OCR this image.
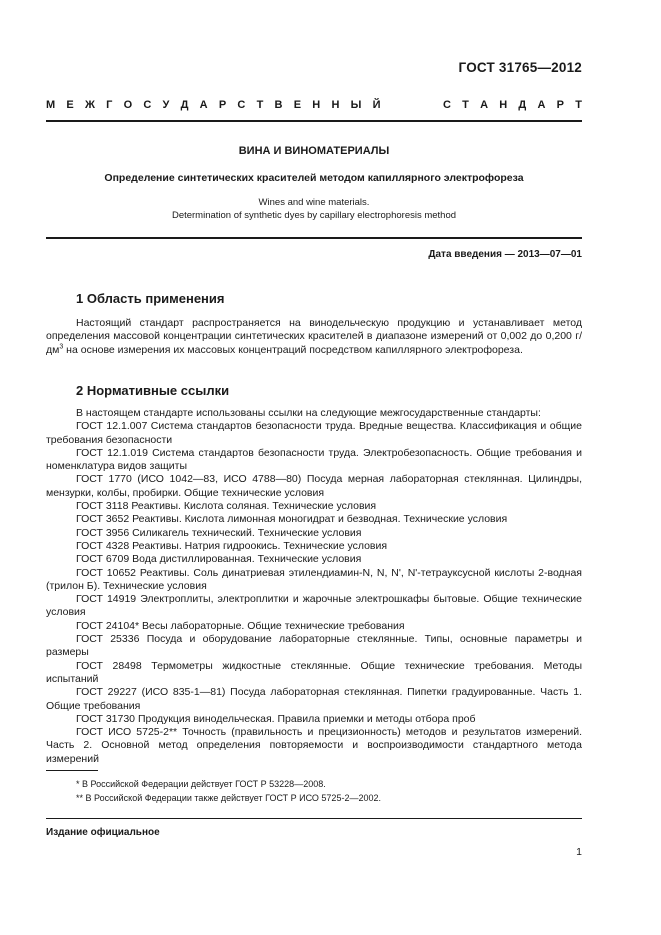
ГОСТ 31765—2012
М Е Ж Г О С У Д А Р С Т В Е Н Н Ы Й	С Т А Н Д А Р Т
ВИНА И ВИНОМАТЕРИАЛЫ
Определение синтетических красителей методом капиллярного электрофореза
Wines and wine materials.
Determination of synthetic dyes by capillary electrophoresis method
Дата введения — 2013—07—01
1 Область применения

Настоящий стандарт распространяется на винодельческую продукцию и устанавливает метод определения массовой концентрации синтетических красителей в диапазоне измерений от 0,002 до 0,200 $г/дм^3$ на основе измерения их массовых концентраций посредством капиллярного электрофореза.

2 Нормативные ссылки

В настоящем стандарте использованы ссылки на следующие межгосударственные стандарты:

ГОСТ 12.1.007 Система стандартов безопасности труда. Вредные вещества. Классификация и общие требования безопасности

ГОСТ 12.1.019 Система стандартов безопасности труда. Электробезопасность. Общие требования и номенклатура видов защиты

ГОСТ 1770 (ИСО 1042—83, ИСО 4788—80) Посуда мерная лабораторная стеклянная. Цилиндры, мензурки, колбы, пробирки. Общие технические условия

ГОСТ 3118 Реактивы. Кислота соляная. Технические условия

ГОСТ 3652 Реактивы. Кислота лимонная моногидрат и безводная. Технические условия

ГОСТ 3956 Силикагель технический. Технические условия

ГОСТ 4328 Реактивы. Натрия гидроокись. Технические условия

ГОСТ 6709 Вода дистиллированная. Технические условия

ГОСТ 10652 Реактивы. Соль динатриевая этилендиамин-N, N, N', N'-тетрауксусной кислоты 2-водная (трилон Б). Технические условия

ГОСТ 14919 Электроплиты, электроплитки и жарочные электрошкафы бытовые. Общие технические условия

ГОСТ 24104* Весы лабораторные. Общие технические требования

ГОСТ 25336 Посуда и оборудование лабораторные стеклянные. Типы, основные параметры и размеры

ГОСТ 28498 Термометры жидкостные стеклянные. Общие технические требования. Методы испытаний

ГОСТ 29227 (ИСО 835-1—81) Посуда лабораторная стеклянная. Пипетки градуированные. Часть 1. Общие требования

ГОСТ 31730 Продукция винодельческая. Правила приемки и методы отбора проб

ГОСТ ИСО 5725-2** Точность (правильность и прецизионность) методов и результатов измерений. Часть 2. Основной метод определения повторяемости и воспроизводимости стандартного метода измерений

* В Российской Федерации действует ГОСТ Р 53228—2008.
** В Российской Федерации также действует ГОСТ Р ИСО 5725-2—2002.
Издание официальное
1
